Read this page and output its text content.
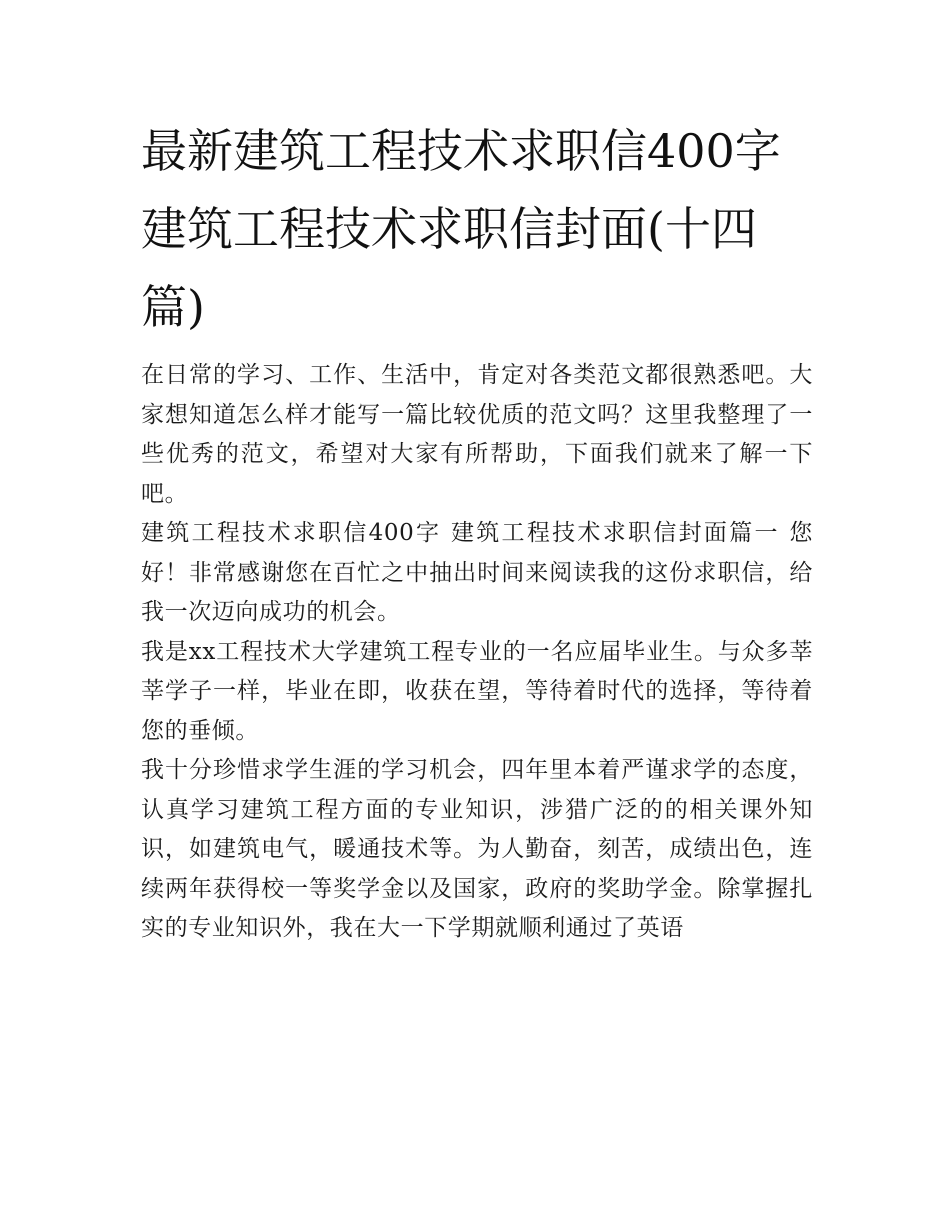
最新建筑工程技术求职信400字 建筑工程技术求职信封面(十四篇)

在日常的学习、工作、生活中，肯定对各类范文都很熟悉吧。大家想知道怎么样才能写一篇比较优质的范文吗？这里我整理了一些优秀的范文，希望对大家有所帮助，下面我们就来了解一下吧。

建筑工程技术求职信400字 建筑工程技术求职信封面篇一 您好！非常感谢您在百忙之中抽出时间来阅读我的这份求职信，给我一次迈向成功的机会。

我是xx工程技术大学建筑工程专业的一名应届毕业生。与众多莘莘学子一样，毕业在即，收获在望，等待着时代的选择，等待着您的垂倾。

我十分珍惜求学生涯的学习机会，四年里本着严谨求学的态度，认真学习建筑工程方面的专业知识，涉猎广泛的的相关课外知识，如建筑电气，暖通技术等。为人勤奋，刻苦，成绩出色，连续两年获得校一等奖学金以及国家，政府的奖助学金。除掌握扎实的专业知识外，我在大一下学期就顺利通过了英语
